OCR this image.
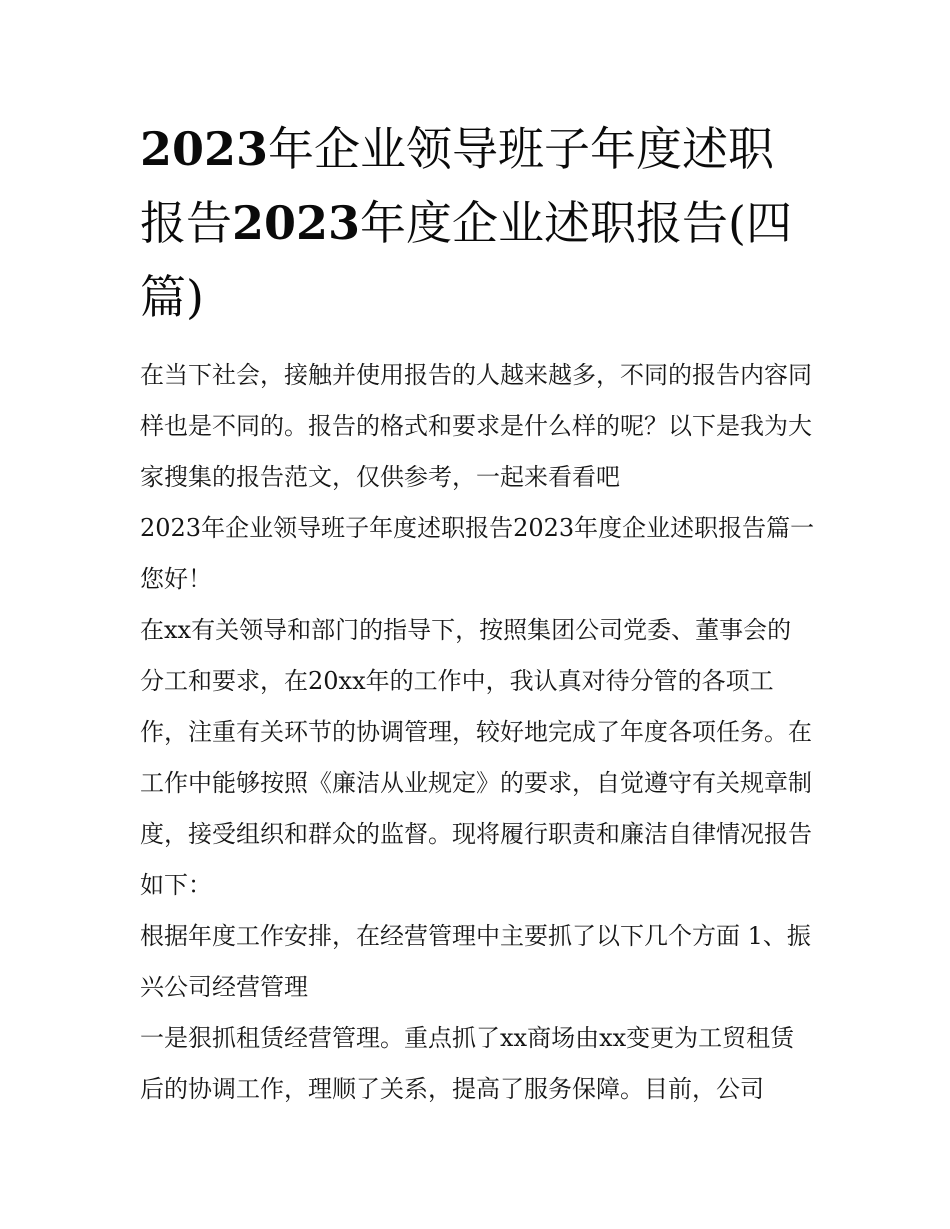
2023年企业领导班子年度述职报告2023年度企业述职报告(四篇)

在当下社会，接触并使用报告的人越来越多，不同的报告内容同样也是不同的。报告的格式和要求是什么样的呢？以下是我为大家搜集的报告范文，仅供参考，一起来看看吧

2023年企业领导班子年度述职报告2023年度企业述职报告篇一 您好！

在xx有关领导和部门的指导下，按照集团公司党委、董事会的分工和要求，在20xx年的工作中，我认真对待分管的各项工作，注重有关环节的协调管理，较好地完成了年度各项任务。在工作中能够按照《廉洁从业规定》的要求，自觉遵守有关规章制度，接受组织和群众的监督。现将履行职责和廉洁自律情况报告如下：

根据年度工作安排，在经营管理中主要抓了以下几个方面 1、振兴公司经营管理

一是狠抓租赁经营管理。重点抓了xx商场由xx变更为工贸租赁后的协调工作，理顺了关系，提高了服务保障。目前，公司
